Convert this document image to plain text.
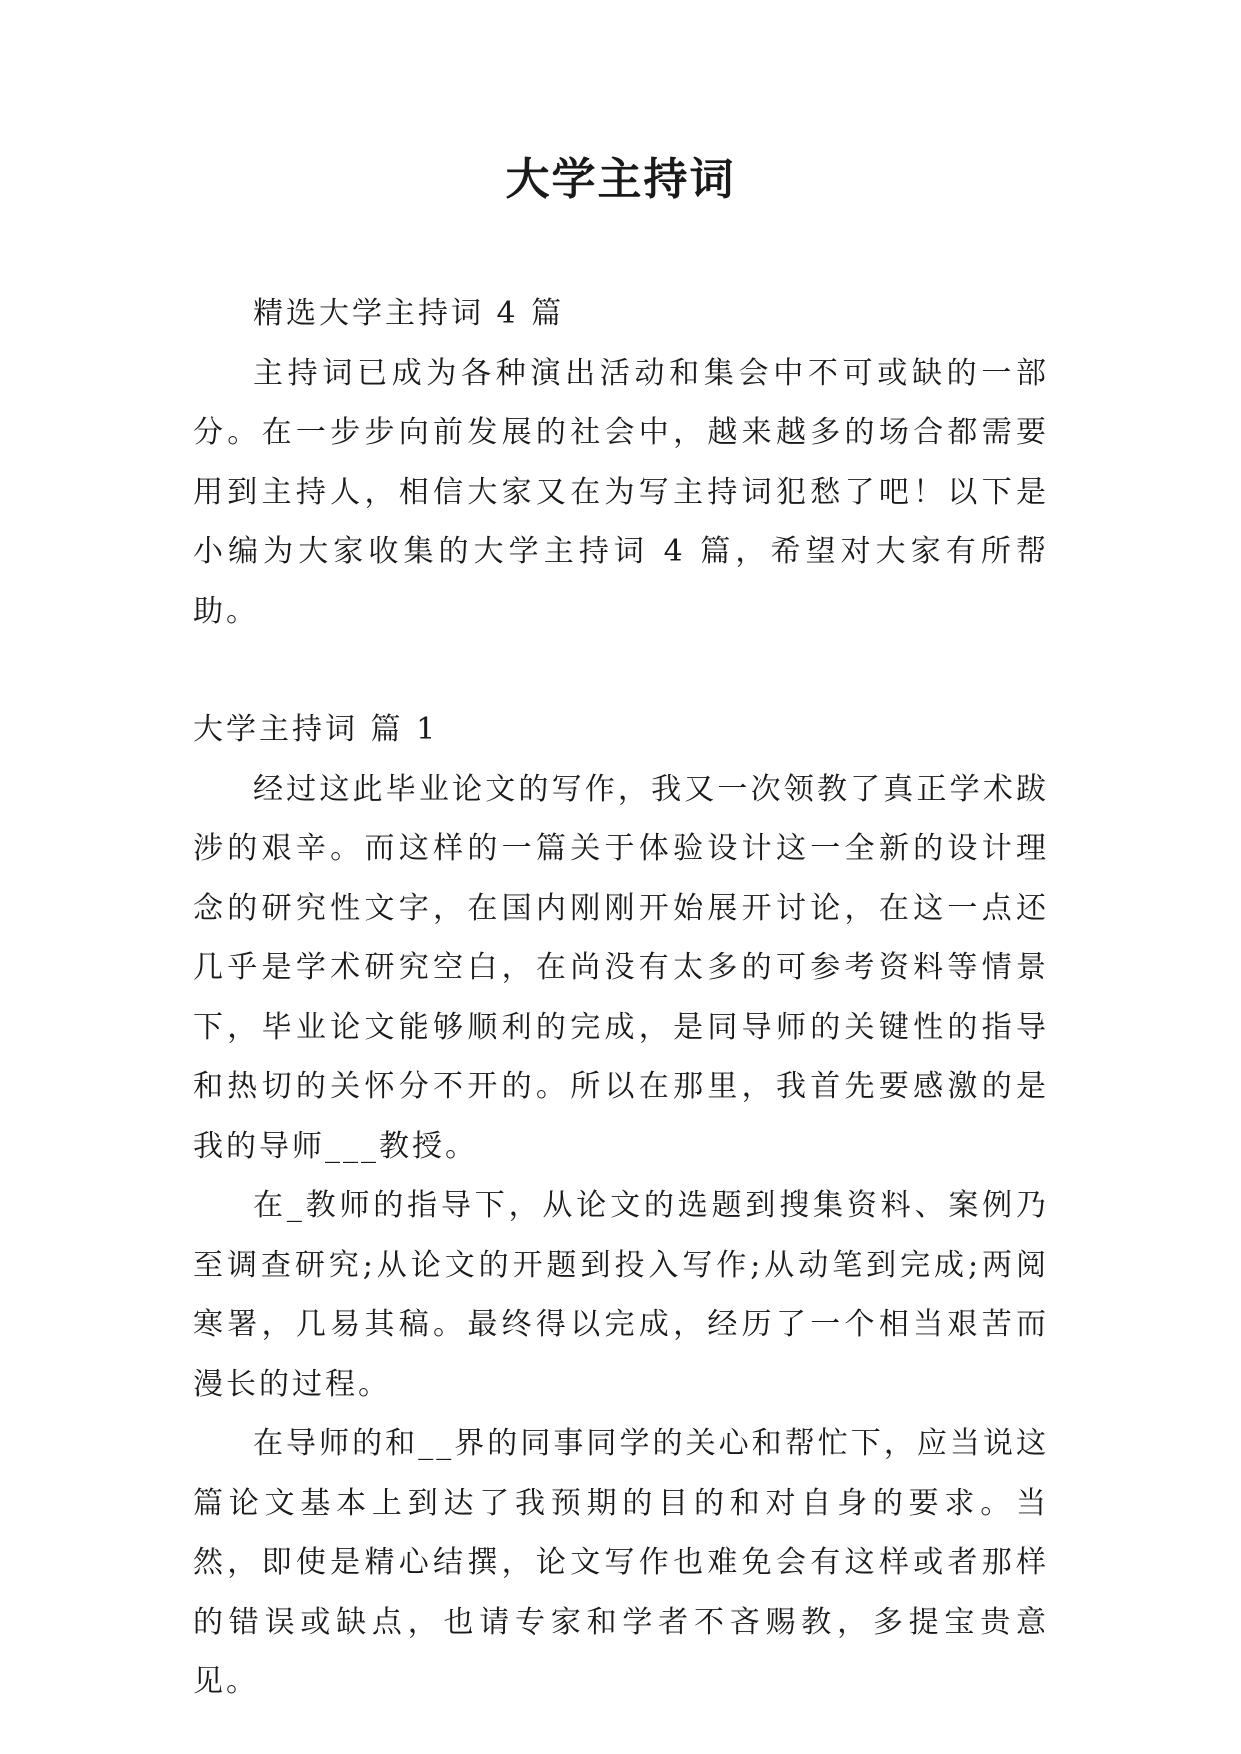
大学主持词

精选大学主持词 4 篇

主持词已成为各种演出活动和集会中不可或缺的一部分。在一步步向前发展的社会中，越来越多的场合都需要用到主持人，相信大家又在为写主持词犯愁了吧！以下是小编为大家收集的大学主持词 4 篇，希望对大家有所帮助。

大学主持词 篇 1

经过这此毕业论文的写作，我又一次领教了真正学术跋涉的艰辛。而这样的一篇关于体验设计这一全新的设计理念的研究性文字，在国内刚刚开始展开讨论，在这一点还几乎是学术研究空白，在尚没有太多的可参考资料等情景下，毕业论文能够顺利的完成，是同导师的关键性的指导和热切的关怀分不开的。所以在那里，我首先要感激的是我的导师___教授。

在_教师的指导下，从论文的选题到搜集资料、案例乃至调查研究;从论文的开题到投入写作;从动笔到完成;两阅寒署，几易其稿。最终得以完成，经历了一个相当艰苦而漫长的过程。

在导师的和__界的同事同学的关心和帮忙下，应当说这篇论文基本上到达了我预期的目的和对自身的要求。当然，即使是精心结撰，论文写作也难免会有这样或者那样的错误或缺点，也请专家和学者不吝赐教，多提宝贵意见。
